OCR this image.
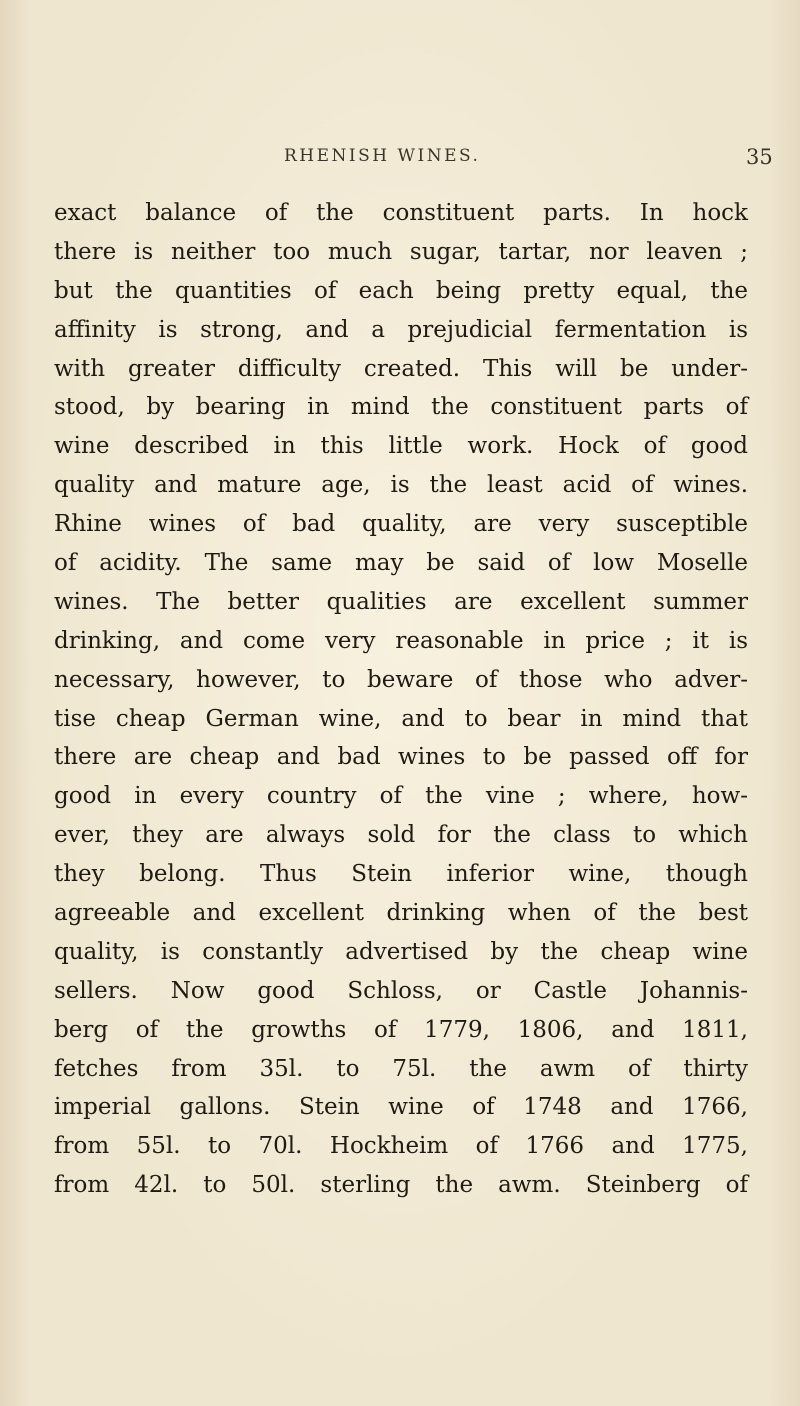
RHENISH WINES.	35
exact balance of the constituent parts. In hock
there is neither too much sugar, tartar, nor leaven ;
but the quantities of each being pretty equal, the
affinity is strong, and a prejudicial fermentation is
with greater difficulty created. This will be under-
stood, by bearing in mind the constituent parts of
wine described in this little work. Hock of good
quality and mature age, is the least acid of wines.
Rhine wines of bad quality, are very susceptible
of acidity. The same may be said of low Moselle
wines. The better qualities are excellent summer
drinking, and come very reasonable in price ; it is
necessary, however, to beware of those who adver-
tise cheap German wine, and to bear in mind that
there are cheap and bad wines to be passed off for
good in every country of the vine ; where, how-
ever, they are always sold for the class to which
they belong. Thus Stein inferior wine, though
agreeable and excellent drinking when of the best
quality, is constantly advertised by the cheap wine
sellers. Now good Schloss, or Castle Johannis-
berg of the growths of 1779, 1806, and 1811,
fetches from 35l. to 75l. the awm of thirty
imperial gallons. Stein wine of 1748 and 1766,
from 55l. to 70l. Hockheim of 1766 and 1775,
from 42l. to 50l. sterling the awm. Steinberg of
